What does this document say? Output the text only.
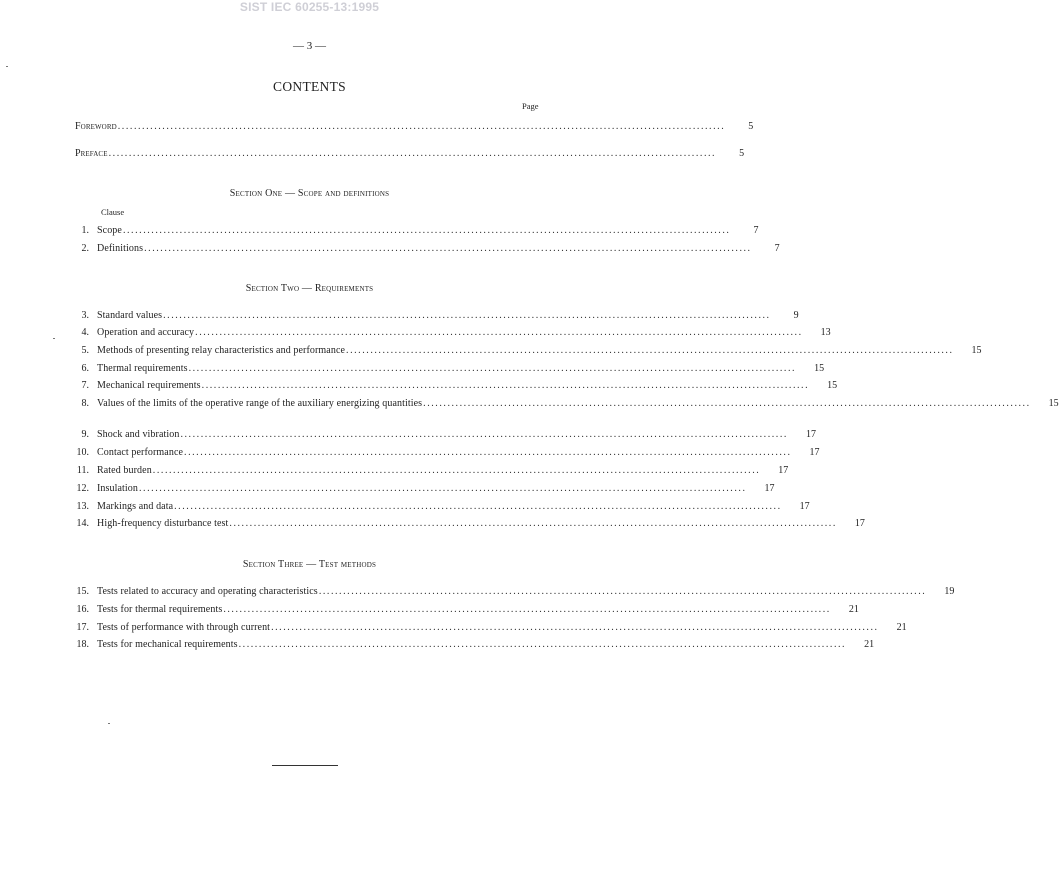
SIST IEC 60255-13:1995
— 3 —
CONTENTS
Page
Foreword ......................................................................................................................................................	5
Preface ......................................................................................................................................................	5
Section One — Scope and definitions
Clause
1. Scope ......................................................................................................................................................	7
2. Definitions ......................................................................................................................................................	7
Section Two — Requirements
3. Standard values ......................................................................................................................................................	9
4. Operation and accuracy ......................................................................................................................................................	13
5. Methods of presenting relay characteristics and performance ......................................................................................................................................................	15
6. Thermal requirements ......................................................................................................................................................	15
7. Mechanical requirements ......................................................................................................................................................	15
8. Values of the limits of the operative range of the auxiliary energizing quantities ......................................................................................................................................................	15
9. Shock and vibration ......................................................................................................................................................	17
10. Contact performance ......................................................................................................................................................	17
11. Rated burden ......................................................................................................................................................	17
12. Insulation ......................................................................................................................................................	17
13. Markings and data ......................................................................................................................................................	17
14. High-frequency disturbance test ......................................................................................................................................................	17
Section Three — Test methods
15. Tests related to accuracy and operating characteristics ......................................................................................................................................................	19
16. Tests for thermal requirements ......................................................................................................................................................	21
17. Tests of performance with through current ......................................................................................................................................................	21
18. Tests for mechanical requirements ......................................................................................................................................................	21
